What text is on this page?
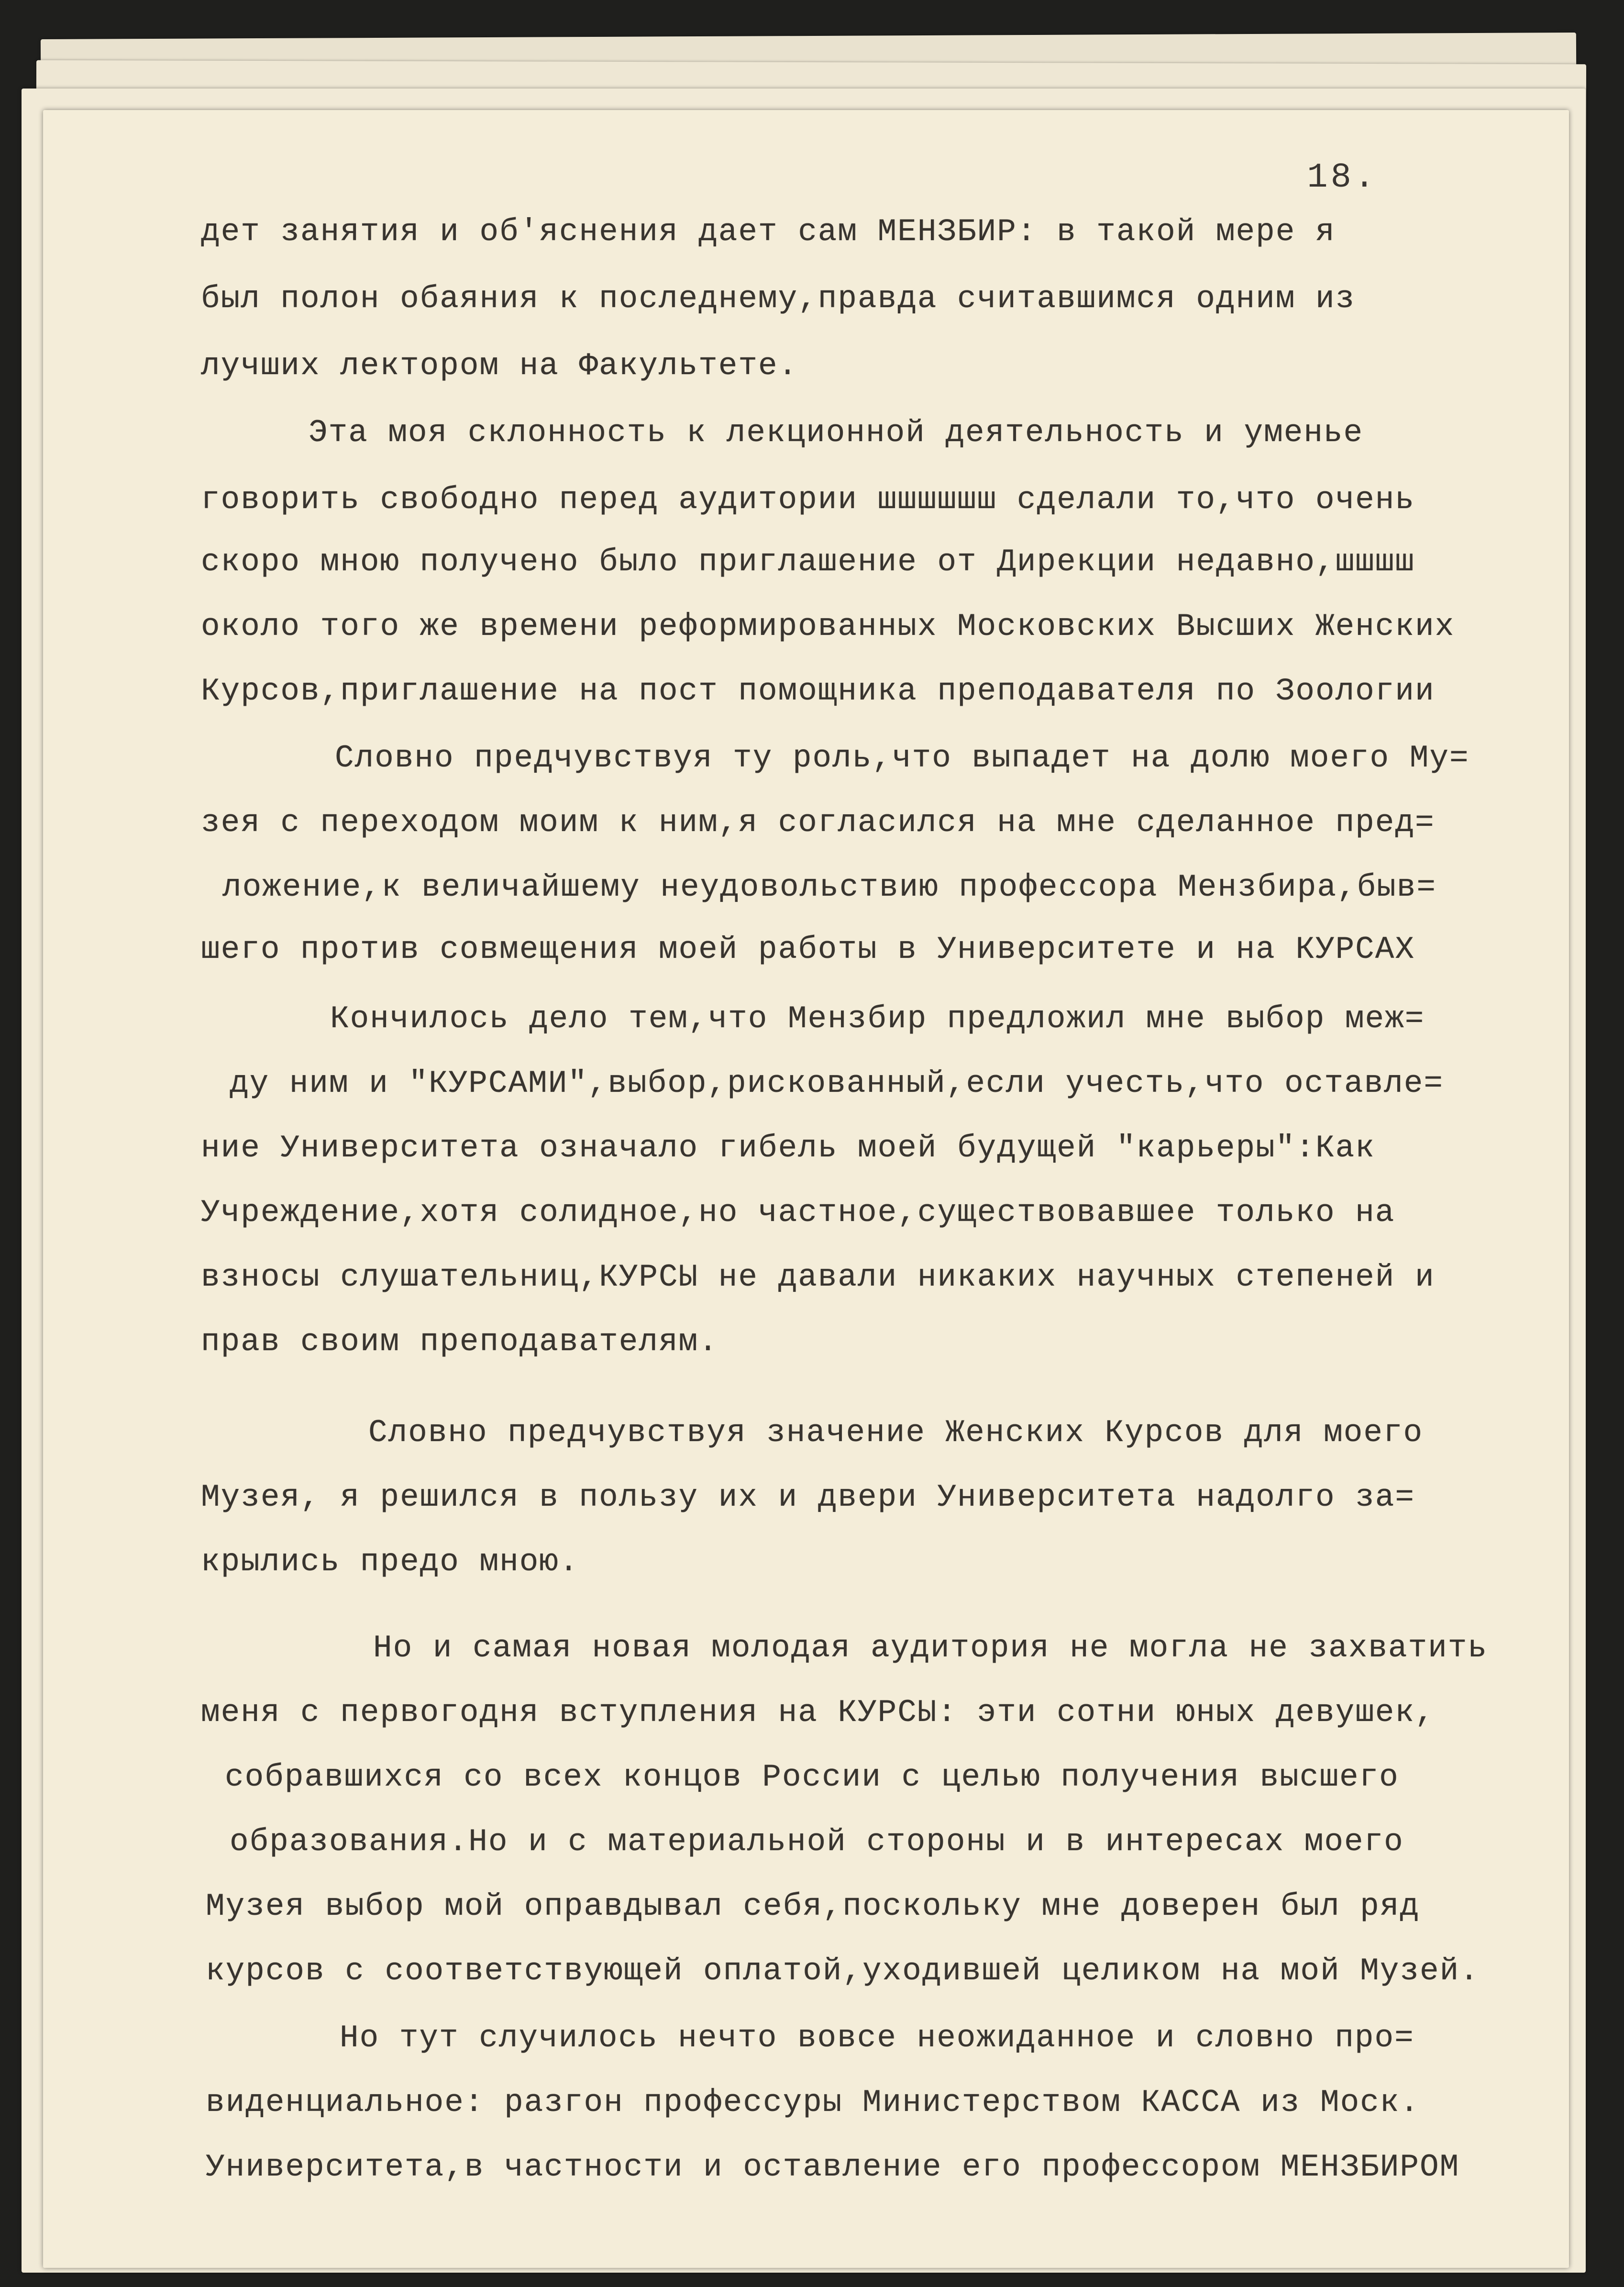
18.
дет занятия и об'яснения дает сам МЕНЗБИР: в такой мере я
был полон обаяния к последнему,правда считавшимся одним из
лучших лектором на Факультете.
Эта моя склонность к лекционной деятельность и уменье
говорить свободно перед аудитории шшшшшш сделали то,что очень
скоро мною получено было приглашение от Дирекции недавно,шшшш
около того же времени реформированных Московских Высших Женских
Курсов,приглашение на пост помощника преподавателя по Зоологии
Словно предчувствуя ту роль,что выпадет на долю моего Му=
зея с переходом моим к ним,я согласился на мне сделанное пред=
ложение,к величайшему неудовольствию профессора Мензбира,быв=
шего против совмещения моей работы в Университете и на КУРСАХ
Кончилось дело тем,что Мензбир предложил мне выбор меж=
ду ним и "КУРСАМИ",выбор,рискованный,если учесть,что оставле=
ние Университета означало гибель моей будущей "карьеры":Как
Учреждение,хотя солидное,но частное,существовавшее только на
взносы слушательниц,КУРСЫ не давали никаких научных степеней и
прав своим преподавателям.
Словно предчувствуя значение Женских Курсов для моего
Музея, я решился в пользу их и двери Университета надолго за=
крылись предо мною.
Но и самая новая молодая аудитория не могла не захватить
меня с первогодня вступления на КУРСЫ: эти сотни юных девушек,
собравшихся со всех концов России с целью получения высшего
образования.Но и с материальной стороны и в интересах моего
Музея выбор мой оправдывал себя,поскольку мне доверен был ряд
курсов с соответствующей оплатой,уходившей целиком на мой Музей.
Но тут случилось нечто вовсе неожиданное и словно про=
виденциальное: разгон профессуры Министерством КАССА из Моск.
Университета,в частности и оставление его профессором МЕНЗБИРОМ
